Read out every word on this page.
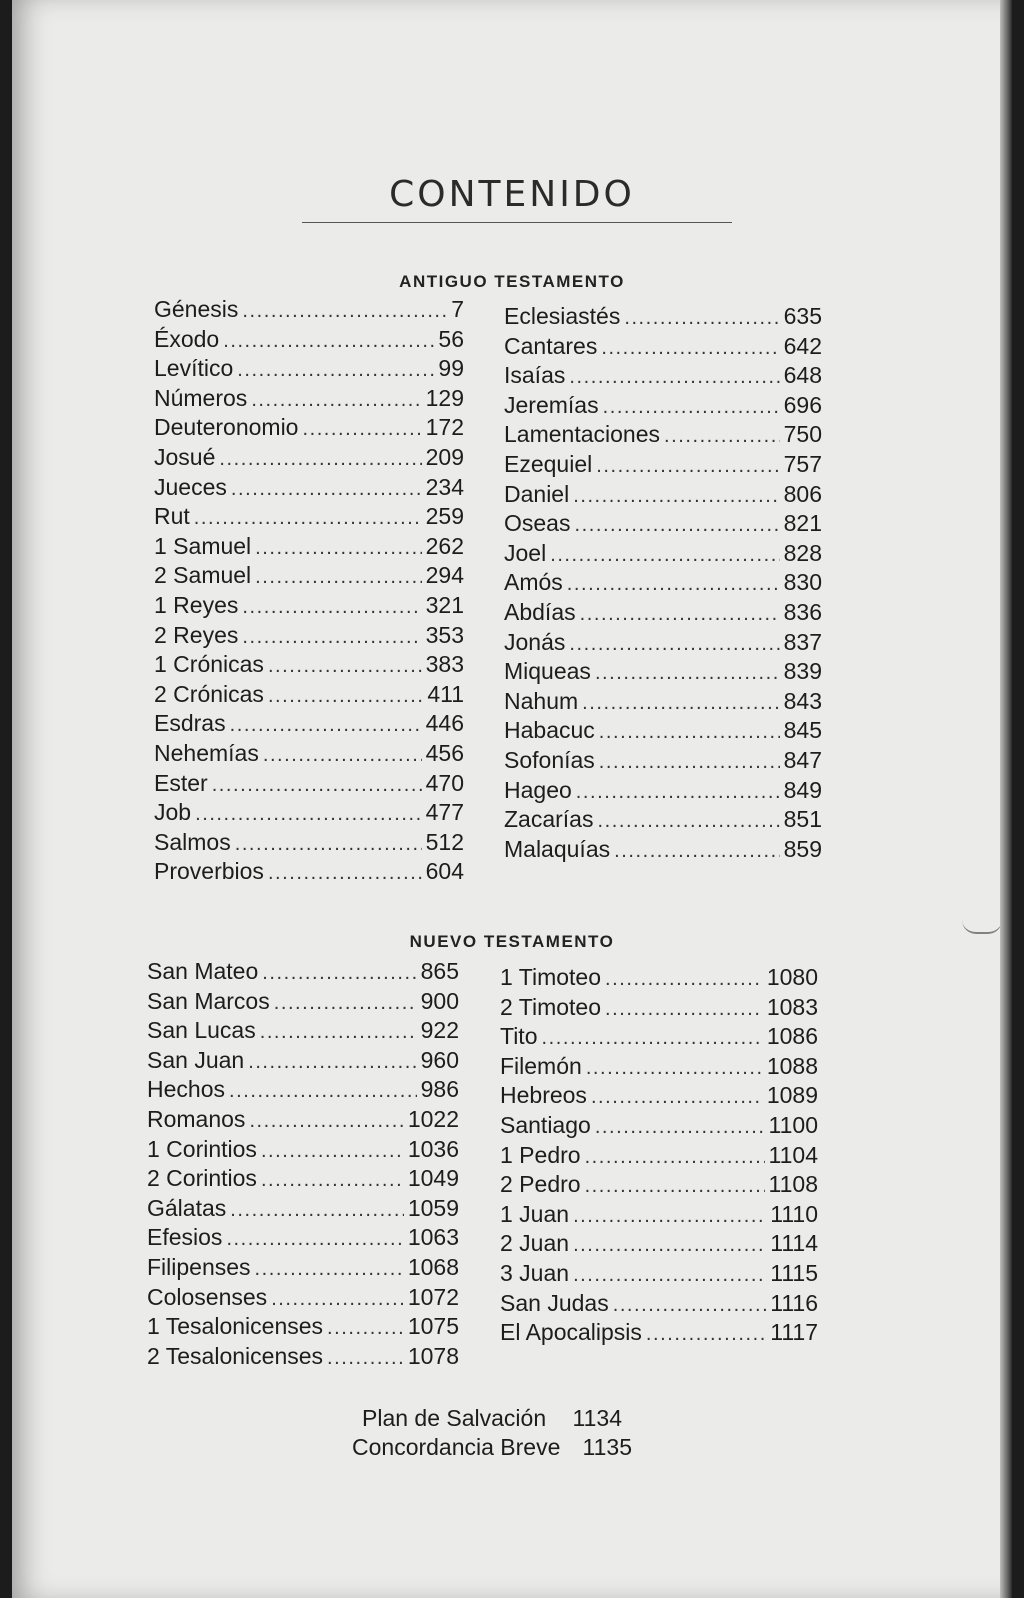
CONTENIDO
ANTIGUO TESTAMENTO
Génesis . . .	7
Éxodo . . .	56
Levítico . . .	99
Números . . .	129
Deuteronomio . . .	172
Josué . . .	209
Jueces . . .	234
Rut . . .	259
1 Samuel . . .	262
2 Samuel . . .	294
1 Reyes . . .	321
2 Reyes . . .	353
1 Crónicas . . .	383
2 Crónicas . . .	411
Esdras . . .	446
Nehemías . . .	456
Ester . . .	470
Job . . .	477
Salmos . . .	512
Proverbios . . .	604
Eclesiastés . . .	635
Cantares . . .	642
Isaías . . .	648
Jeremías . . .	696
Lamentaciones . . .	750
Ezequiel . . .	757
Daniel . . .	806
Oseas . . .	821
Joel . . .	828
Amós . . .	830
Abdías . . .	836
Jonás . . .	837
Miqueas . . .	839
Nahum . . .	843
Habacuc . . .	845
Sofonías . . .	847
Hageo . . .	849
Zacarías . . .	851
Malaquías . . .	859
NUEVO TESTAMENTO
San Mateo . . .	865
San Marcos . . .	900
San Lucas . . .	922
San Juan . . .	960
Hechos . . .	986
Romanos . . .	1022
1 Corintios . . .	1036
2 Corintios . . .	1049
Gálatas . . .	1059
Efesios . . .	1063
Filipenses . . .	1068
Colosenses . . .	1072
1 Tesalonicenses . . .	1075
2 Tesalonicenses . . .	1078
1 Timoteo . . .	1080
2 Timoteo . . .	1083
Tito . . .	1086
Filemón . . .	1088
Hebreos . . .	1089
Santiago . . .	1100
1 Pedro . . .	1104
2 Pedro . . .	1108
1 Juan . . .	1110
2 Juan . . .	1114
3 Juan . . .	1115
San Judas . . .	1116
El Apocalipsis . . .	1117
Plan de Salvación 1134
Concordancia Breve 1135
